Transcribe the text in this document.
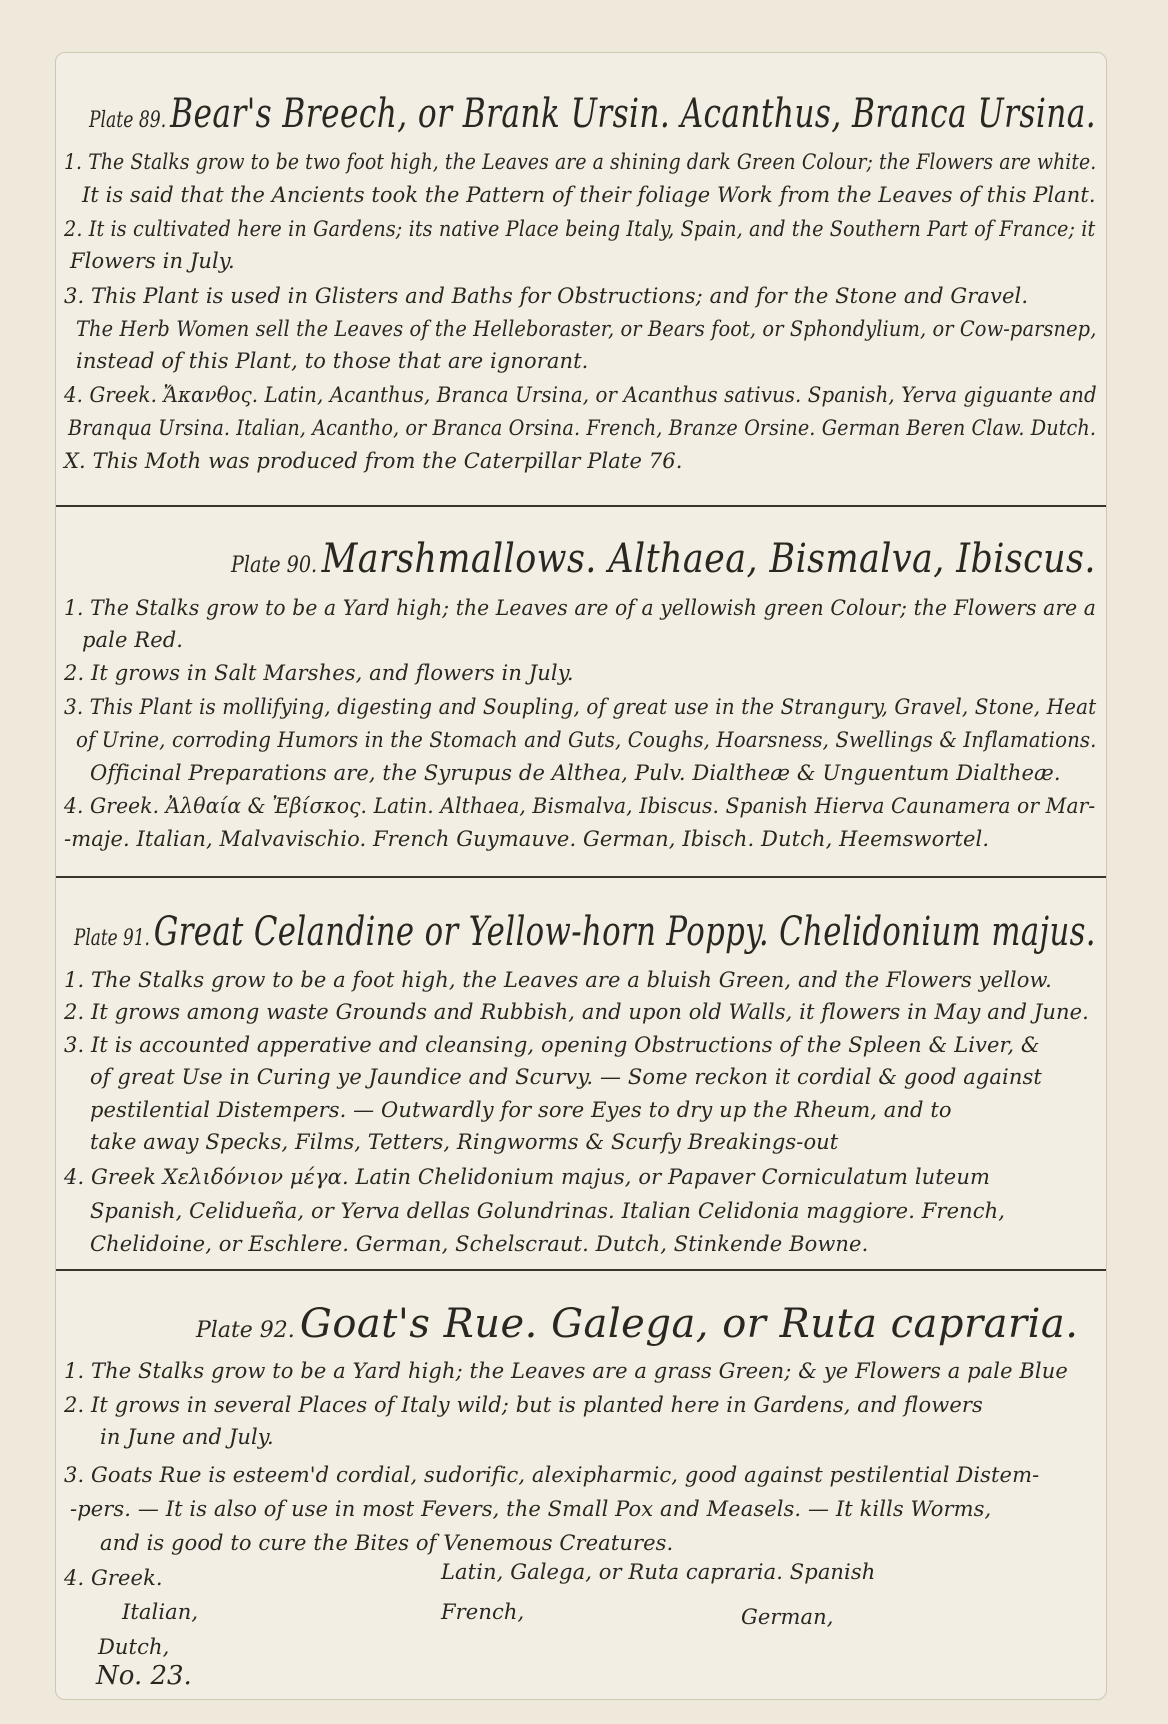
Plate 89. Bear's Breech, or Brank Ursin. Acanthus, Branca Ursina.
1. The Stalks grow to be two foot high, the Leaves are a shining dark Green Colour; the Flowers are white.
It is said that the Ancients took the Pattern of their foliage Work from the Leaves of this Plant.
2. It is cultivated here in Gardens; its native Place being Italy, Spain, and the Southern Part of France; it
Flowers in July.
3. This Plant is used in Glisters and Baths for Obstructions; and for the Stone and Gravel.
The Herb Women sell the Leaves of the Helleboraster, or Bears foot, or Sphondylium, or Cow-parsnep,
instead of this Plant, to those that are ignorant.
4. Greek. Ἄκανθος. Latin, Acanthus, Branca Ursina, or Acanthus sativus. Spanish, Yerva giguante and
Branqua Ursina. Italian, Acantho, or Branca Orsina. French, Branze Orsine. German Beren Claw. Dutch.
X. This Moth was produced from the Caterpillar Plate 76.
Plate 90. Marshmallows. Althaea, Bismalva, Ibiscus.
1. The Stalks grow to be a Yard high; the Leaves are of a yellowish green Colour; the Flowers are a
pale Red.
2. It grows in Salt Marshes, and flowers in July.
3. This Plant is mollifying, digesting and Soupling, of great use in the Strangury, Gravel, Stone, Heat
of Urine, corroding Humors in the Stomach and Guts, Coughs, Hoarsness, Swellings & Inflamations.
Officinal Preparations are, the Syrupus de Althea, Pulv. Dialtheæ & Unguentum Dialtheæ.
4. Greek. Ἀλθαία & Ἐβίσκος. Latin. Althaea, Bismalva, Ibiscus. Spanish Hierva Caunamera or Mar-
-maje. Italian, Malvavischio. French Guymauve. German, Ibisch. Dutch, Heemswortel.
Plate 91. Great Celandine or Yellow-horn Poppy. Chelidonium majus.
1. The Stalks grow to be a foot high, the Leaves are a bluish Green, and the Flowers yellow.
2. It grows among waste Grounds and Rubbish, and upon old Walls, it flowers in May and June.
3. It is accounted apperative and cleansing, opening Obstructions of the Spleen & Liver, &
of great Use in Curing ye Jaundice and Scurvy. — Some reckon it cordial & good against
pestilential Distempers. — Outwardly for sore Eyes to dry up the Rheum, and to
take away Specks, Films, Tetters, Ringworms & Scurfy Breakings-out
4. Greek Χελιδόνιον μέγα. Latin Chelidonium majus, or Papaver Corniculatum luteum
Spanish, Celidueña, or Yerva dellas Golundrinas. Italian Celidonia maggiore. French,
Chelidoine, or Eschlere. German, Schelscraut. Dutch, Stinkende Bowne.
Plate 92. Goat's Rue. Galega, or Ruta capraria.
1. The Stalks grow to be a Yard high; the Leaves are a grass Green; & ye Flowers a pale Blue
2. It grows in several Places of Italy wild; but is planted here in Gardens, and flowers
in June and July.
3. Goats Rue is esteem'd cordial, sudorific, alexipharmic, good against pestilential Distem-
-pers. — It is also of use in most Fevers, the Small Pox and Measels. — It kills Worms,
and is good to cure the Bites of Venemous Creatures.
4. Greek.	Latin, Galega, or Ruta capraria. Spanish
Italian,	French,	German,
Dutch,
No. 23.
